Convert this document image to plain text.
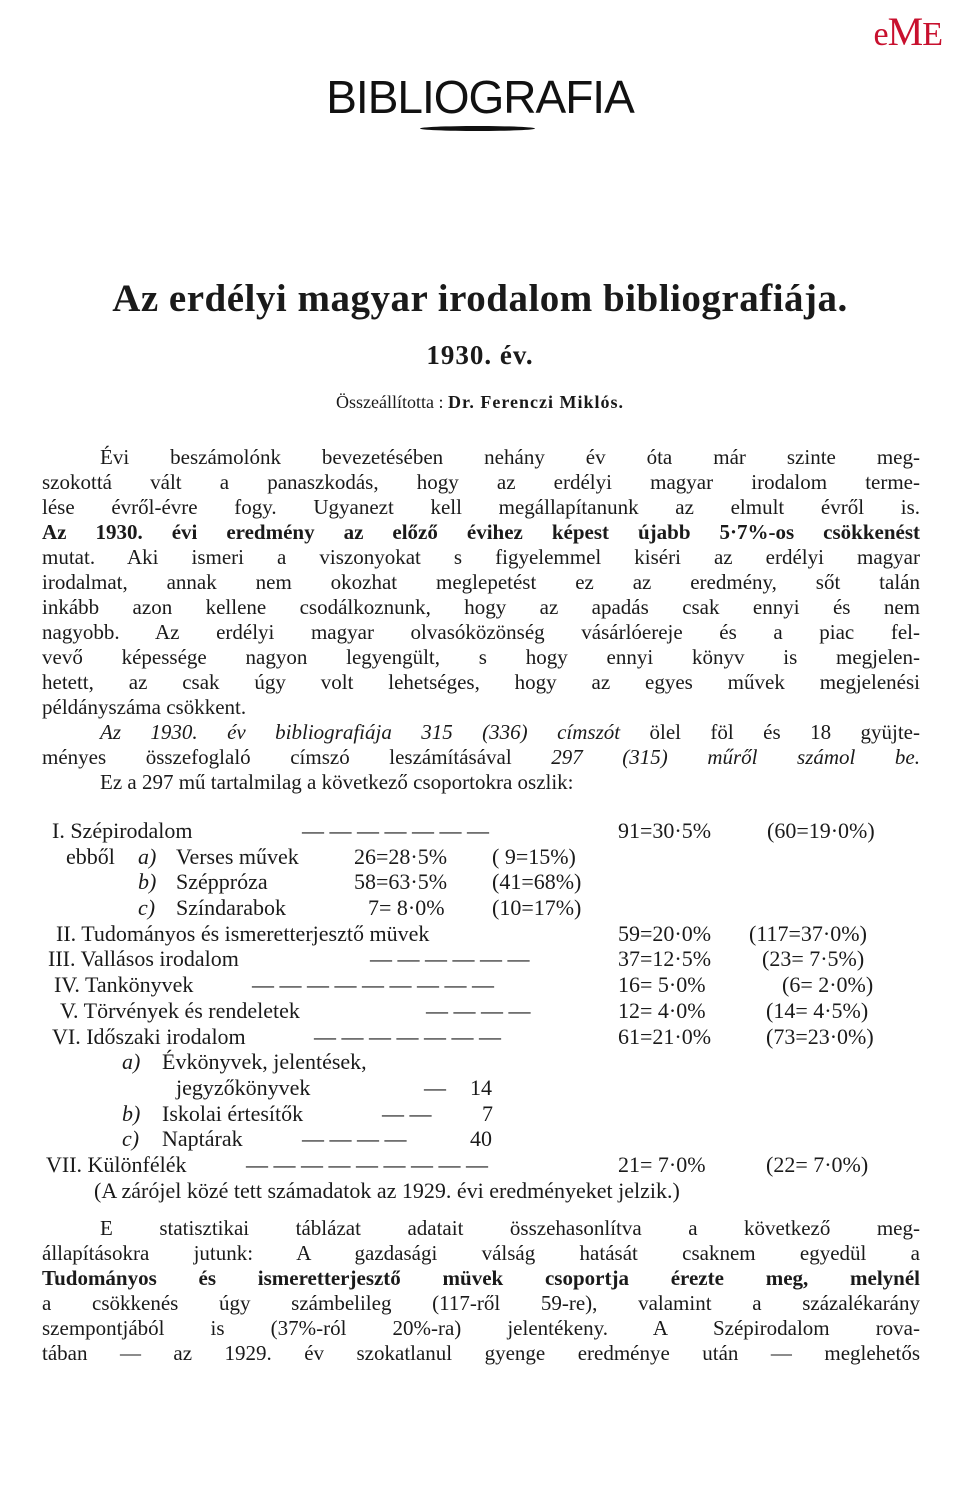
eME
BIBLIOGRAFIA
Az erdélyi magyar irodalom bibliografiája.
1930. év.
Összeállította : Dr. Ferenczi Miklós.
Évi beszámolónk bevezetésében nehány év óta már szinte meg-
szokottá vált a panaszkodás, hogy az erdélyi magyar irodalom terme-
lése évről-évre fogy. Ugyanezt kell megállapítanunk az elmult évről is.
Az 1930. évi eredmény az előző évihez képest újabb 5·7%-os csökkenést
mutat. Aki ismeri a viszonyokat s figyelemmel kiséri az erdélyi magyar
irodalmat, annak nem okozhat meglepetést ez az eredmény, sőt talán
inkább azon kellene csodálkoznunk, hogy az apadás csak ennyi és nem
nagyobb. Az erdélyi magyar olvasóközönség vásárlóereje és a piac fel-
vevő képessége nagyon legyengült, s hogy ennyi könyv is megjelen-
hetett, az csak úgy volt lehetséges, hogy az egyes művek megjelenési
példányszáma csökkent.
Az 1930. év bibliografiája 315 (336) címszót ölel föl és 18 gyüjte-
ményes összefoglaló címszó leszámításával 297 (315) műről számol be.
Ez a 297 mű tartalmilag a következő csoportokra oszlik:
I. Szépirodalom	— — — — — — —	91=30·5%	(60=19·0%)
ebből a) Verses művek	26=28·5% ( 9=15%)
b) Széppróza	58=63·5% (41=68%)
c) Színdarabok	7= 8·0% (10=17%)
II. Tudományos és ismeretterjesztő müvek	59=20·0% (117=37·0%)
III. Vallásos irodalom	— — — — — —	37=12·5% (23= 7·5%)
IV. Tankönyvek	— — — — — — — — —	16= 5·0%	(6= 2·0%)
V. Törvények és rendeletek	— — — —	12= 4·0%	(14= 4·5%)
VI. Időszaki irodalom	— — — — — — —	61=21·0% (73=23·0%)
a) Évkönyvek, jelentések,
jegyzőkönyvek	— 14
b) Iskolai értesítők	— — 7
c) Naptárak	— — — —	40
VII. Különfélék	— — — — — — — — —	21= 7·0%	(22= 7·0%)
(A zárójel közé tett számadatok az 1929. évi eredményeket jelzik.)
E statisztikai táblázat adatait összehasonlítva a következő meg-
állapításokra jutunk: A gazdasági válság hatását csaknem egyedül a
Tudományos és ismeretterjesztő müvek csoportja érezte meg, melynél
a csökkenés úgy számbelileg (117-ről 59-re), valamint a százalékarány
szempontjából is (37%-ról 20%-ra) jelentékeny. A Szépirodalom rova-
tában — az 1929. év szokatlanul gyenge eredménye után — meglehetős
